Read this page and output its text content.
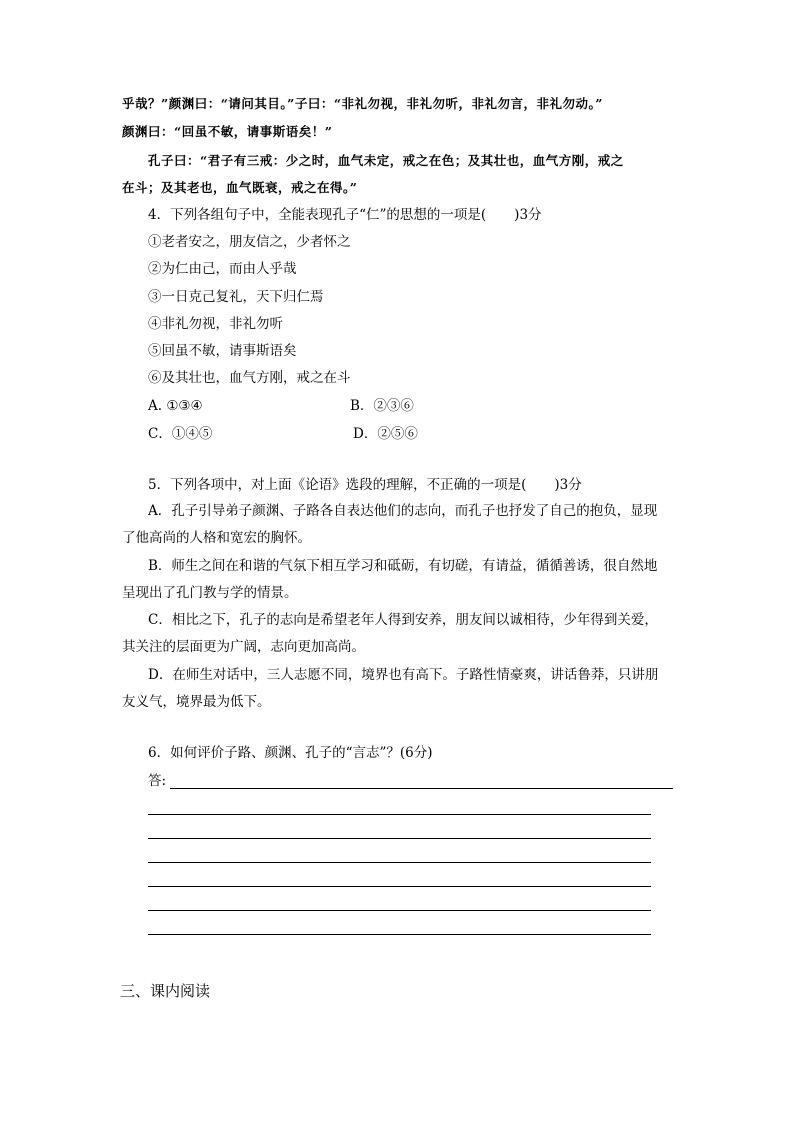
乎哉？”颜渊曰：“请问其目。”子曰：“非礼勿视，非礼勿听，非礼勿言，非礼勿动。”
颜渊曰：“回虽不敏，请事斯语矣！”
孔子曰：“君子有三戒：少之时，血气未定，戒之在色；及其壮也，血气方刚，戒之
在斗；及其老也，血气既衰，戒之在得。”
4．下列各组句子中，全能表现孔子“仁”的思想的一项是( )3分
①老者安之，朋友信之，少者怀之
②为仁由己，而由人乎哉
③一日克己复礼，天下归仁焉
④非礼勿视，非礼勿听
⑤回虽不敏，请事斯语矣
⑥及其壮也，血气方刚，戒之在斗
A. ①③④	B．②③⑥
C．①④⑤	D．②⑤⑥
5．下列各项中，对上面《论语》选段的理解，不正确的一项是( )3分
A．孔子引导弟子颜渊、子路各自表达他们的志向，而孔子也抒发了自己的抱负，显现
了他高尚的人格和宽宏的胸怀。
B．师生之间在和谐的气氛下相互学习和砥砺，有切磋，有请益，循循善诱，很自然地
呈现出了孔门教与学的情景。
C．相比之下，孔子的志向是希望老年人得到安养，朋友间以诚相待，少年得到关爱，
其关注的层面更为广阔，志向更加高尚。
D．在师生对话中，三人志愿不同，境界也有高下。子路性情豪爽，讲话鲁莽，只讲朋
友义气，境界最为低下。
6．如何评价子路、颜渊、孔子的“言志”？(6分)
答:
三、课内阅读
